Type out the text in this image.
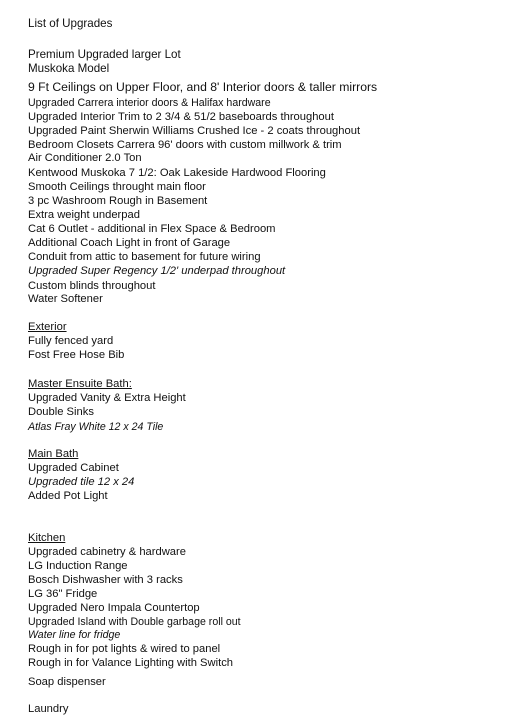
List of Upgrades
Premium Upgraded larger Lot
Muskoka Model
9 Ft Ceilings on Upper Floor, and 8' Interior doors & taller mirrors
Upgraded Carrera interior doors & Halifax hardware
Upgraded Interior Trim to 2 3/4 & 51/2 baseboards throughout
Upgraded Paint Sherwin Williams Crushed Ice - 2 coats throughout
Bedroom Closets Carrera 96' doors with custom millwork & trim
Air Conditioner 2.0 Ton
Kentwood Muskoka 7 1/2: Oak Lakeside Hardwood Flooring
Smooth Ceilings throught main floor
3 pc Washroom Rough in Basement
Extra weight underpad
Cat 6 Outlet - additional in Flex Space & Bedroom
Additional Coach Light in front of Garage
Conduit from attic to basement for future wiring
Upgraded Super Regency 1/2' underpad throughout
Custom blinds throughout
Water Softener
Exterior
Fully fenced yard
Fost Free Hose Bib
Master Ensuite Bath:
Upgraded Vanity & Extra Height
Double Sinks
Atlas Fray White 12 x 24 Tile
Main Bath
Upgraded Cabinet
Upgraded tile 12 x 24
Added Pot Light
Kitchen
Upgraded cabinetry & hardware
LG Induction Range
Bosch Dishwasher with 3 racks
LG 36" Fridge
Upgraded Nero Impala Countertop
Upgraded Island with Double garbage roll out
Water line for fridge
Rough in for pot lights & wired to panel
Rough in for Valance Lighting with Switch
Soap dispenser
Laundry
